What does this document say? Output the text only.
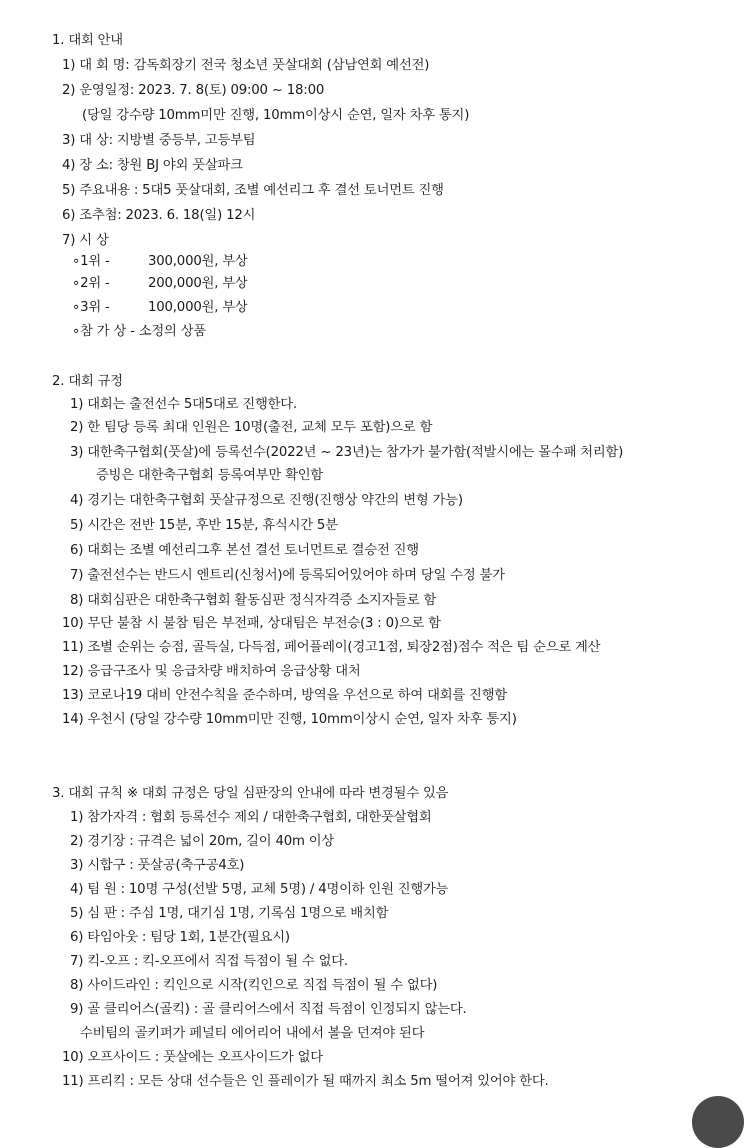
1. 대회 안내
1) 대 회 명: 감독회장기 전국 청소년 풋살대회 (삼남연회 예선전)
2) 운영일정: 2023. 7. 8(토) 09:00 ~ 18:00
(당일 강수량 10mm미만 진행, 10mm이상시 순연, 일자 차후 통지)
3) 대 상: 지방별 중등부, 고등부팀
4) 장 소: 창원 BJ 야외 풋살파크
5) 주요내용 : 5대5 풋살대회, 조별 예선리그 후 결선 토너먼트 진행
6) 조추첨: 2023. 6. 18(일) 12시
7) 시 상
∘1위 -	300,000원, 부상
∘2위 -	200,000원, 부상
∘3위 -	100,000원, 부상
∘참 가 상 - 소정의 상품
2. 대회 규정
1) 대회는 출전선수 5대5대로 진행한다.
2) 한 팀당 등록 최대 인원은 10명(출전, 교체 모두 포함)으로 함
3) 대한축구협회(풋살)에 등록선수(2022년 ~ 23년)는 참가가 불가함(적발시에는 몰수패 처리함)
증빙은 대한축구협회 등록여부만 확인함
4) 경기는 대한축구협회 풋살규정으로 진행(진행상 약간의 변형 가능)
5) 시간은 전반 15분, 후반 15분, 휴식시간 5분
6) 대회는 조별 예선리그후 본선 결선 토너먼트로 결승전 진행
7) 출전선수는 반드시 엔트리(신청서)에 등록되어있어야 하며 당일 수정 불가
8) 대회심판은 대한축구협회 활동심판 정식자격증 소지자들로 함
10) 무단 불참 시 불참 팀은 부전패, 상대팀은 부전승(3 : 0)으로 함
11) 조별 순위는 승점, 골득실, 다득점, 페어플레이(경고1점, 퇴장2점)점수 적은 팀 순으로 계산
12) 응급구조사 및 응급차량 배치하여 응급상황 대처
13) 코로나19 대비 안전수칙을 준수하며, 방역을 우선으로 하여 대회를 진행함
14) 우천시 (당일 강수량 10mm미만 진행, 10mm이상시 순연, 일자 차후 통지)
3. 대회 규칙 ※ 대회 규정은 당일 심판장의 안내에 따라 변경될수 있음
1) 참가자격 : 협회 등록선수 제외 / 대한축구협회, 대한풋살협회
2) 경기장 : 규격은 넓이 20m, 길이 40m 이상
3) 시합구 : 풋살공(축구공4호)
4) 팀 원 : 10명 구성(선발 5명, 교체 5명) / 4명이하 인원 진행가능
5) 심 판 : 주심 1명, 대기심 1명, 기록심 1명으로 배치함
6) 타임아웃 : 팀당 1회, 1분간(필요시)
7) 킥-오프 : 킥-오프에서 직접 득점이 될 수 없다.
8) 사이드라인 : 킥인으로 시작(킥인으로 직접 득점이 될 수 없다)
9) 골 클리어스(골킥) : 골 클리어스에서 직접 득점이 인정되지 않는다.
수비팀의 골키퍼가 페널티 에어리어 내에서 볼을 던져야 된다
10) 오프사이드 : 풋살에는 오프사이드가 없다
11) 프리킥 : 모든 상대 선수들은 인 플레이가 될 때까지 최소 5m 떨어져 있어야 한다.
